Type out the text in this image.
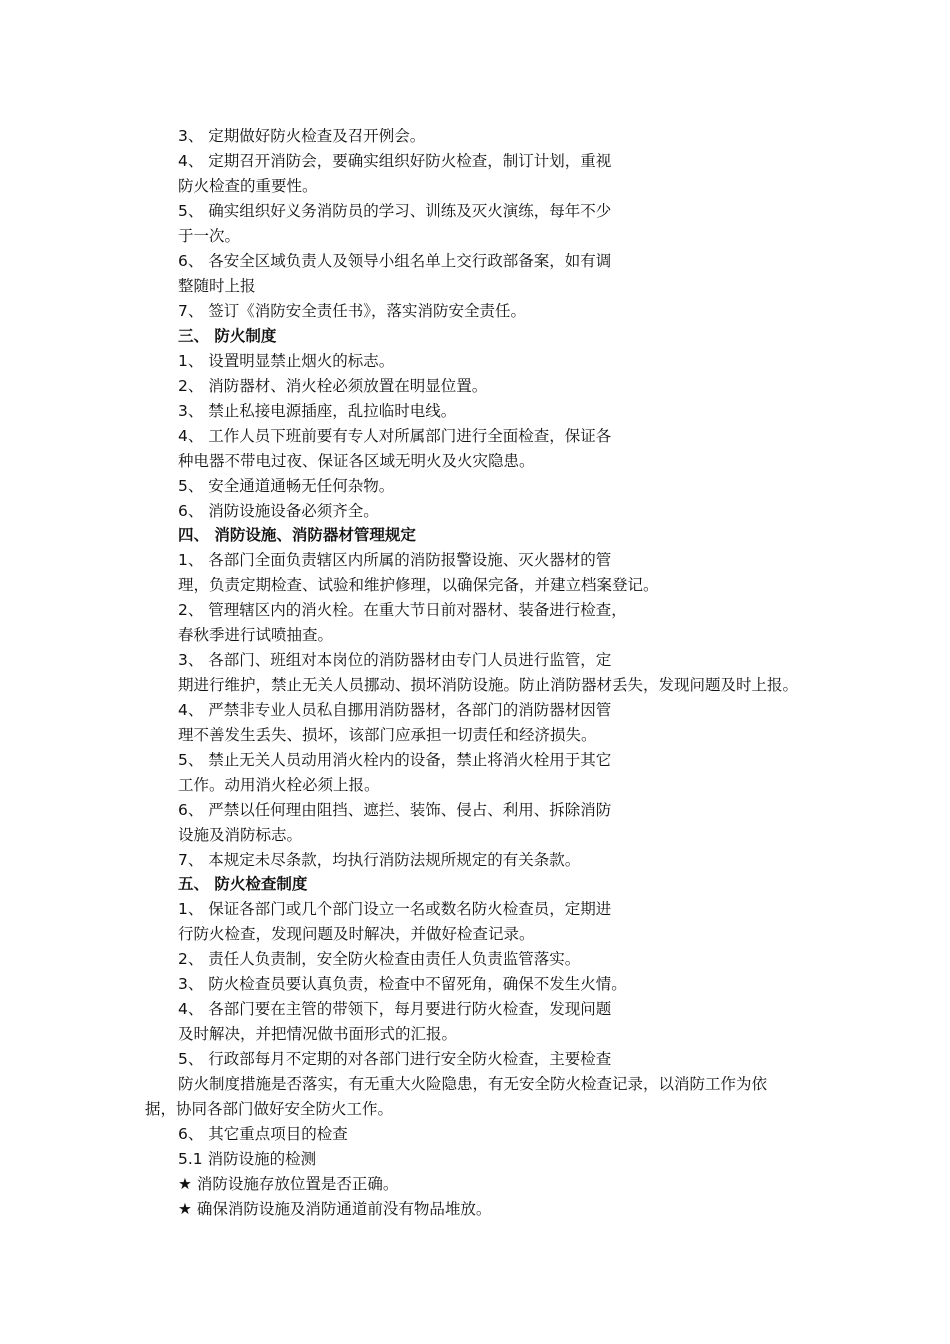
3、 定期做好防火检查及召开例会。
4、 定期召开消防会，要确实组织好防火检查，制订计划，重视
防火检查的重要性。
5、 确实组织好义务消防员的学习、训练及灭火演练，每年不少
于一次。
6、 各安全区域负责人及领导小组名单上交行政部备案，如有调
整随时上报
7、 签订《消防安全责任书》，落实消防安全责任。
三、 防火制度
1、 设置明显禁止烟火的标志。
2、 消防器材、消火栓必须放置在明显位置。
3、 禁止私接电源插座，乱拉临时电线。
4、 工作人员下班前要有专人对所属部门进行全面检查，保证各
种电器不带电过夜、保证各区域无明火及火灾隐患。
5、 安全通道通畅无任何杂物。
6、 消防设施设备必须齐全。
四、 消防设施、消防器材管理规定
1、 各部门全面负责辖区内所属的消防报警设施、灭火器材的管
理，负责定期检查、试验和维护修理，以确保完备，并建立档案登记。
2、 管理辖区内的消火栓。在重大节日前对器材、装备进行检查，
春秋季进行试喷抽查。
3、 各部门、班组对本岗位的消防器材由专门人员进行监管，定
期进行维护，禁止无关人员挪动、损坏消防设施。防止消防器材丢失，发现问题及时上报。
4、 严禁非专业人员私自挪用消防器材，各部门的消防器材因管
理不善发生丢失、损坏，该部门应承担一切责任和经济损失。
5、 禁止无关人员动用消火栓内的设备，禁止将消火栓用于其它
工作。动用消火栓必须上报。
6、 严禁以任何理由阻挡、遮拦、装饰、侵占、利用、拆除消防
设施及消防标志。
7、 本规定未尽条款，均执行消防法规所规定的有关条款。
五、 防火检查制度
1、 保证各部门或几个部门设立一名或数名防火检查员，定期进
行防火检查，发现问题及时解决，并做好检查记录。
2、 责任人负责制，安全防火检查由责任人负责监管落实。
3、 防火检查员要认真负责，检查中不留死角，确保不发生火情。
4、 各部门要在主管的带领下，每月要进行防火检查，发现问题
及时解决，并把情况做书面形式的汇报。
5、 行政部每月不定期的对各部门进行安全防火检查，主要检查
防火制度措施是否落实，有无重大火险隐患，有无安全防火检查记录，以消防工作为依
据，协同各部门做好安全防火工作。
6、 其它重点项目的检查
5.1 消防设施的检测
★ 消防设施存放位置是否正确。
★ 确保消防设施及消防通道前没有物品堆放。
